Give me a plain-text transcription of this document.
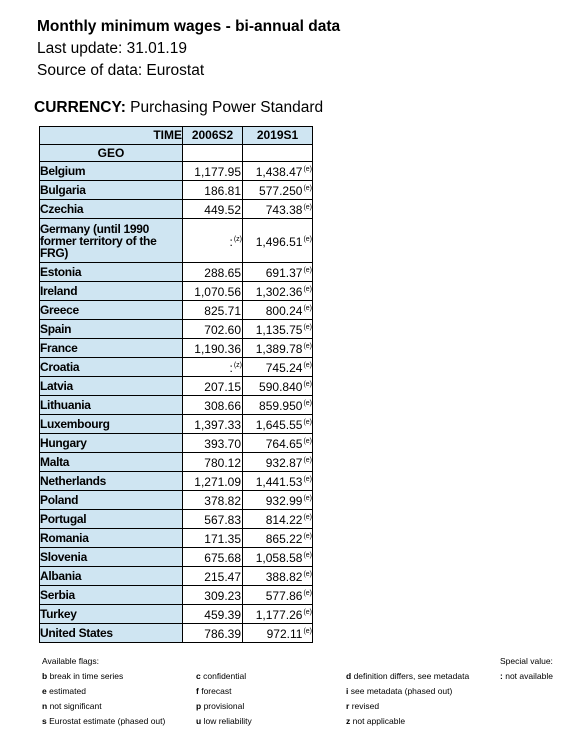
Monthly minimum wages - bi-annual data
Last update: 31.01.19
Source of data: Eurostat
CURRENCY: Purchasing Power Standard
TIME	2006S2	2019S1
GEO		
Belgium	1,177.95	1,438.47$^{(e)}$
Bulgaria	186.81	577.250$^{(e)}$
Czechia	449.52	743.38$^{(e)}$
Germany (until 1990 former territory of the FRG)	:$^{(z)}$	1,496.51$^{(e)}$
Estonia	288.65	691.37$^{(e)}$
Ireland	1,070.56	1,302.36$^{(e)}$
Greece	825.71	800.24$^{(e)}$
Spain	702.60	1,135.75$^{(e)}$
France	1,190.36	1,389.78$^{(e)}$
Croatia	:$^{(z)}$	745.24$^{(e)}$
Latvia	207.15	590.840$^{(e)}$
Lithuania	308.66	859.950$^{(e)}$
Luxembourg	1,397.33	1,645.55$^{(e)}$
Hungary	393.70	764.65$^{(e)}$
Malta	780.12	932.87$^{(e)}$
Netherlands	1,271.09	1,441.53$^{(e)}$
Poland	378.82	932.99$^{(e)}$
Portugal	567.83	814.22$^{(e)}$
Romania	171.35	865.22$^{(e)}$
Slovenia	675.68	1,058.58$^{(e)}$
Albania	215.47	388.82$^{(e)}$
Serbia	309.23	577.86$^{(e)}$
Turkey	459.39	1,177.26$^{(e)}$
United States	786.39	972.11$^{(e)}$
Available flags:	Special value:
b break in time series
e estimated
n not significant
s Eurostat estimate (phased out)
c confidential
f forecast
p provisional
u low reliability
d definition differs, see metadata
i see metadata (phased out)
r revised
z not applicable
: not available
